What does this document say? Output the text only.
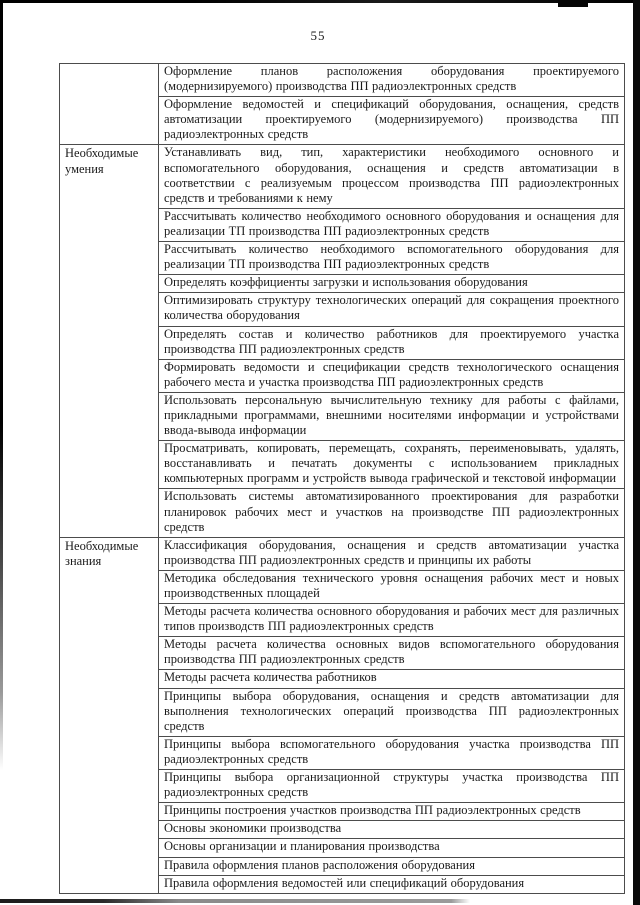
55
	Оформление планов расположения оборудования проектируемого (модернизируемого) производства ПП радиоэлектронных средств
	Оформление ведомостей и спецификаций оборудования, оснащения, средств автоматизации проектируемого (модернизируемого) производства ПП радиоэлектронных средств
Необходимые умения	Устанавливать вид, тип, характеристики необходимого основного и вспомогательного оборудования, оснащения и средств автоматизации в соответствии с реализуемым процессом производства ПП радиоэлектронных средств и требованиями к нему
	Рассчитывать количество необходимого основного оборудования и оснащения для реализации ТП производства ПП радиоэлектронных средств
	Рассчитывать количество необходимого вспомогательного оборудования для реализации ТП производства ПП радиоэлектронных средств
	Определять коэффициенты загрузки и использования оборудования
	Оптимизировать структуру технологических операций для сокращения проектного количества оборудования
	Определять состав и количество работников для проектируемого участка производства ПП радиоэлектронных средств
	Формировать ведомости и спецификации средств технологического оснащения рабочего места и участка производства ПП радиоэлектронных средств
	Использовать персональную вычислительную технику для работы с файлами, прикладными программами, внешними носителями информации и устройствами ввода-вывода информации
	Просматривать, копировать, перемещать, сохранять, переименовывать, удалять, восстанавливать и печатать документы с использованием прикладных компьютерных программ и устройств вывода графической и текстовой информации
	Использовать системы автоматизированного проектирования для разработки планировок рабочих мест и участков на производстве ПП радиоэлектронных средств
Необходимые знания	Классификация оборудования, оснащения и средств автоматизации участка производства ПП радиоэлектронных средств и принципы их работы
	Методика обследования технического уровня оснащения рабочих мест и новых производственных площадей
	Методы расчета количества основного оборудования и рабочих мест для различных типов производств ПП радиоэлектронных средств
	Методы расчета количества основных видов вспомогательного оборудования производства ПП радиоэлектронных средств
	Методы расчета количества работников
	Принципы выбора оборудования, оснащения и средств автоматизации для выполнения технологических операций производства ПП радиоэлектронных средств
	Принципы выбора вспомогательного оборудования участка производства ПП радиоэлектронных средств
	Принципы выбора организационной структуры участка производства ПП радиоэлектронных средств
	Принципы построения участков производства ПП радиоэлектронных средств
	Основы экономики производства
	Основы организации и планирования производства
	Правила оформления планов расположения оборудования
	Правила оформления ведомостей или спецификаций оборудования
